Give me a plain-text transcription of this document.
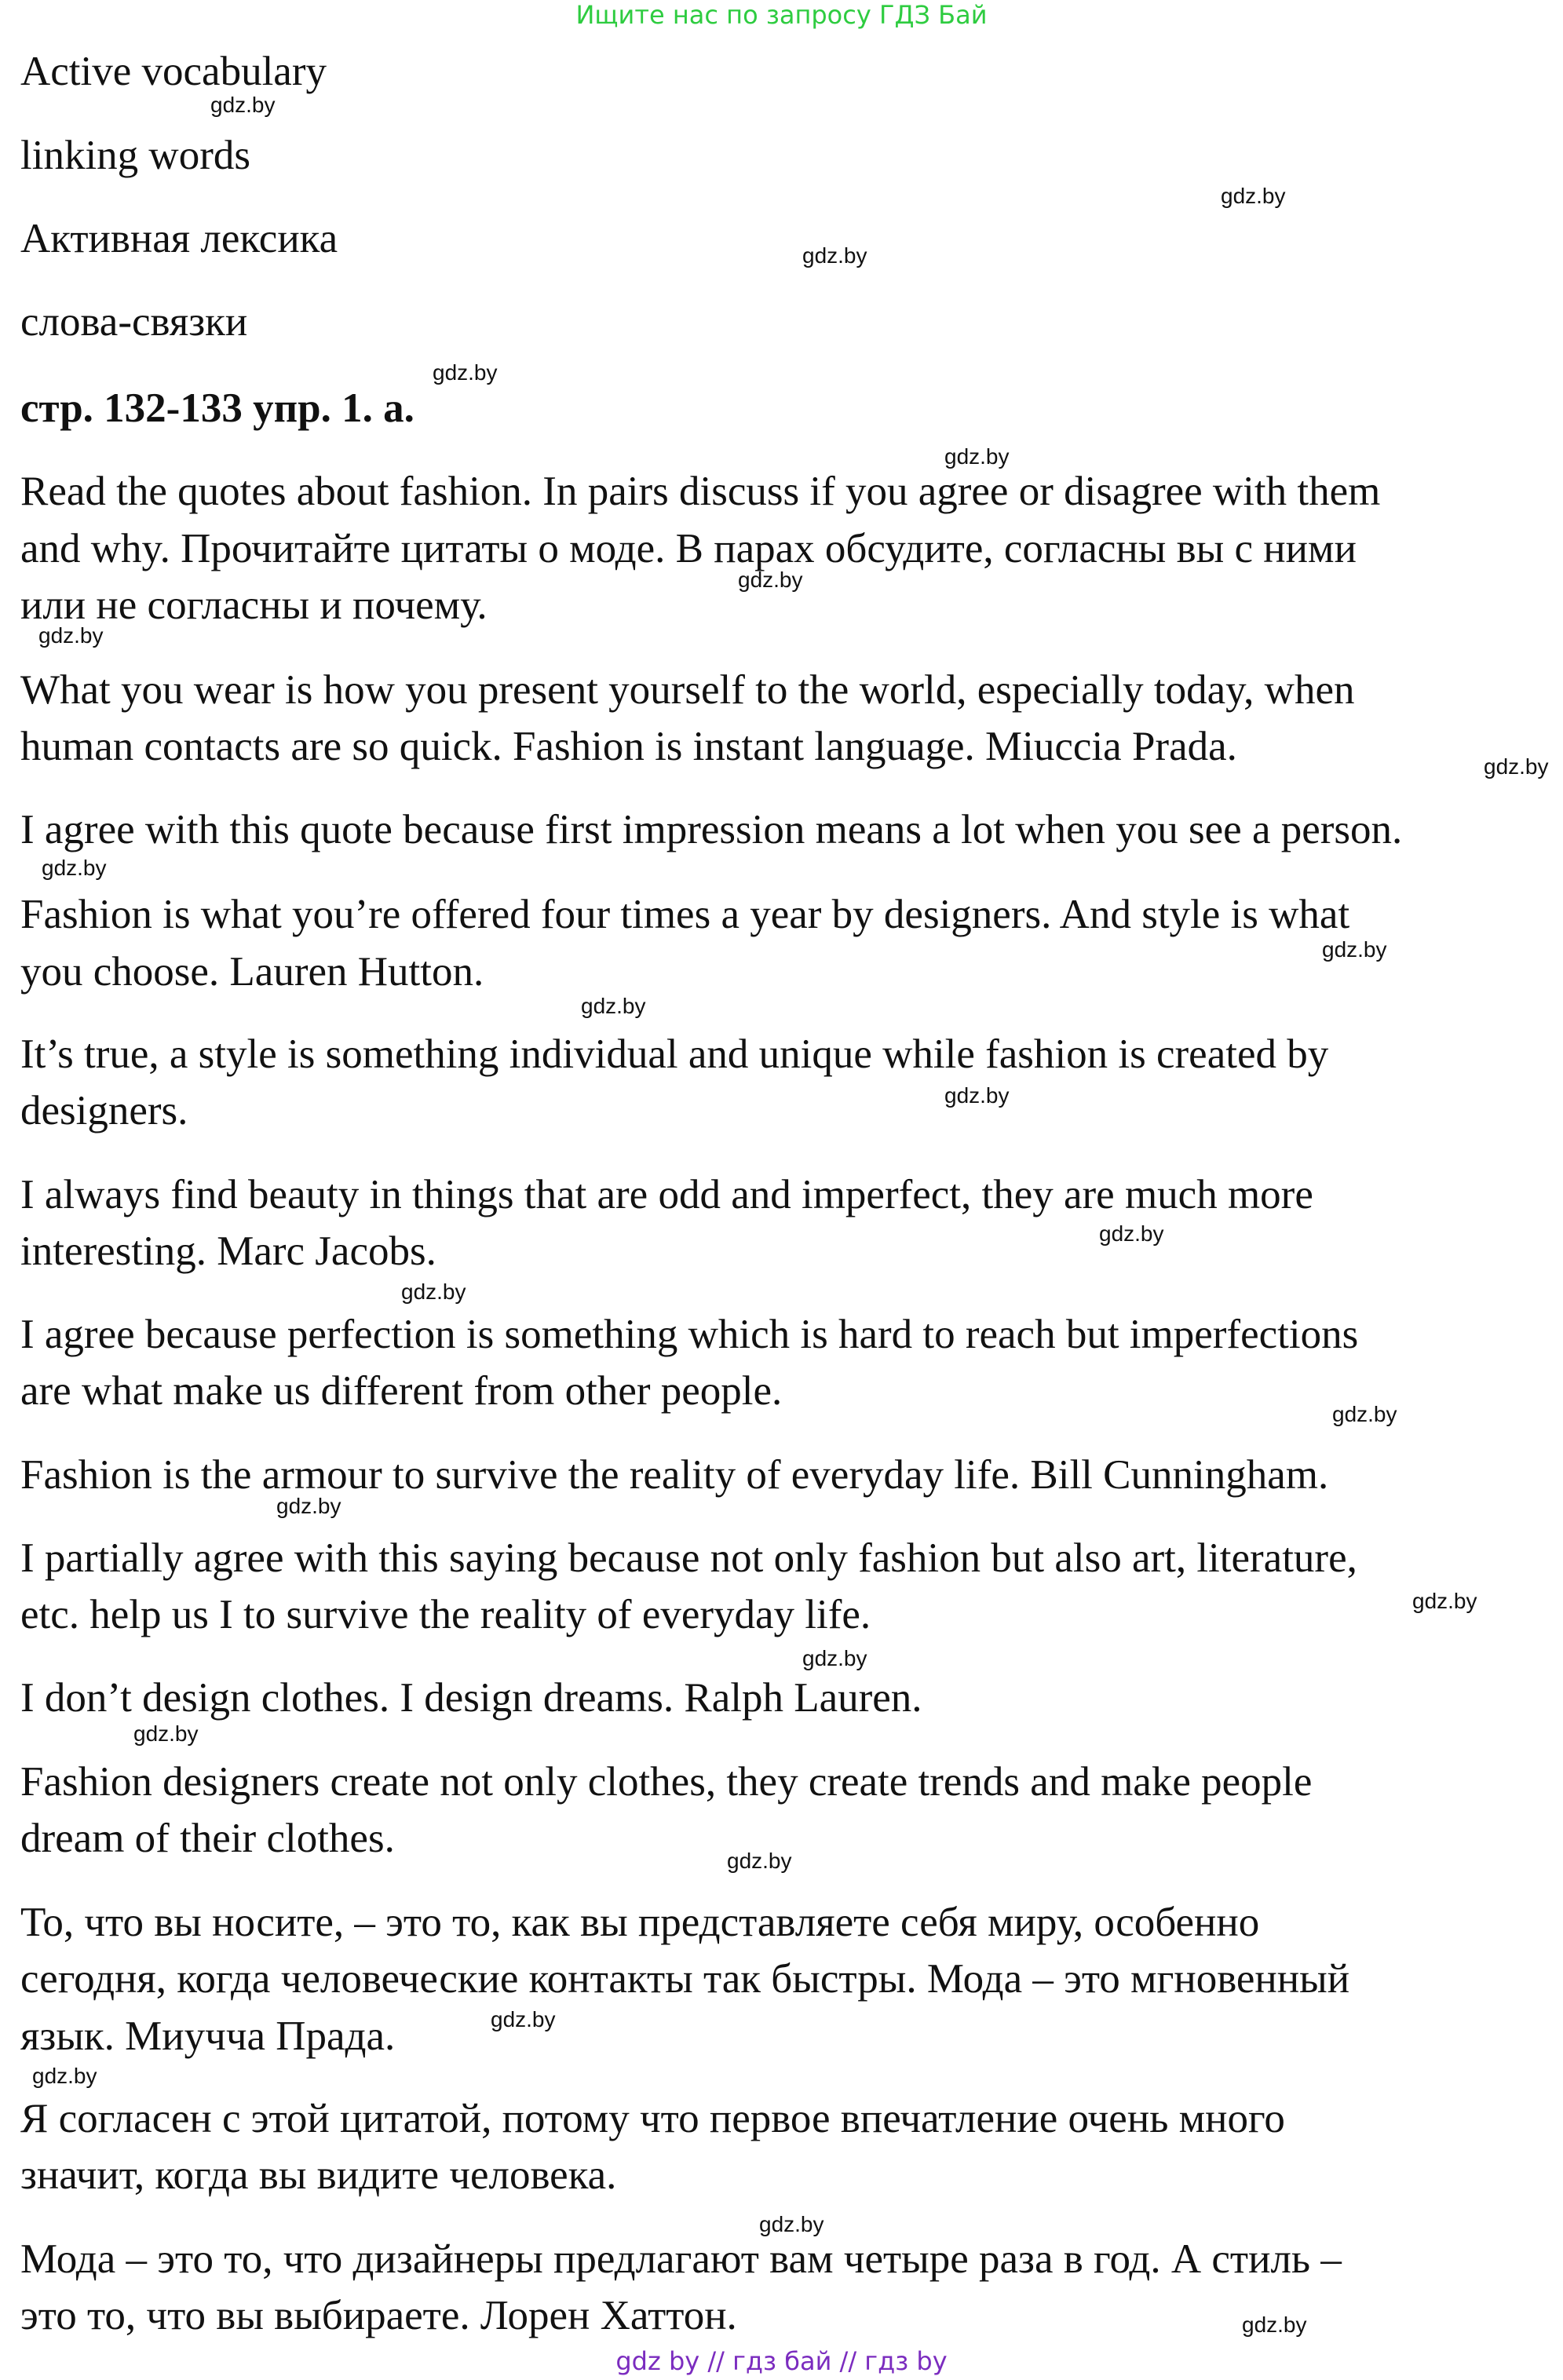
Ищите нас по запросу ГДЗ Бай
Active vocabulary
linking words
Активная лексика
слова-связки
стр. 132-133 упр. 1. а.
Read the quotes about fashion. In pairs discuss if you agree or disagree with them
and why. Прочитайте цитаты о моде. В парах обсудите, согласны вы с ними
или не согласны и почему.
What you wear is how you present yourself to the world, especially today, when
human contacts are so quick. Fashion is instant language. Miuccia Prada.
I agree with this quote because first impression means a lot when you see a person.
Fashion is what you’re offered four times a year by designers. And style is what
you choose. Lauren Hutton.
It’s true, a style is something individual and unique while fashion is created by
designers.
I always find beauty in things that are odd and imperfect, they are much more
interesting. Marc Jacobs.
I agree because perfection is something which is hard to reach but imperfections
are what make us different from other people.
Fashion is the armour to survive the reality of everyday life. Bill Cunningham.
I partially agree with this saying because not only fashion but also art, literature,
etc. help us I to survive the reality of everyday life.
I don’t design clothes. I design dreams. Ralph Lauren.
Fashion designers create not only clothes, they create trends and make people
dream of their clothes.
То, что вы носите, – это то, как вы представляете себя миру, особенно
сегодня, когда человеческие контакты так быстры. Мода – это мгновенный
язык. Миучча Прада.
Я согласен с этой цитатой, потому что первое впечатление очень много
значит, когда вы видите человека.
Мода – это то, что дизайнеры предлагают вам четыре раза в год. А стиль –
это то, что вы выбираете. Лорен Хаттон.
gdz.by
gdz.by
gdz.by
gdz.by
gdz.by
gdz.by
gdz.by
gdz.by
gdz.by
gdz.by
gdz.by
gdz.by
gdz.by
gdz.by
gdz.by
gdz.by
gdz.by
gdz.by
gdz.by
gdz.by
gdz.by
gdz.by
gdz.by
gdz.by
gdz by // гдз бай // гдз by
